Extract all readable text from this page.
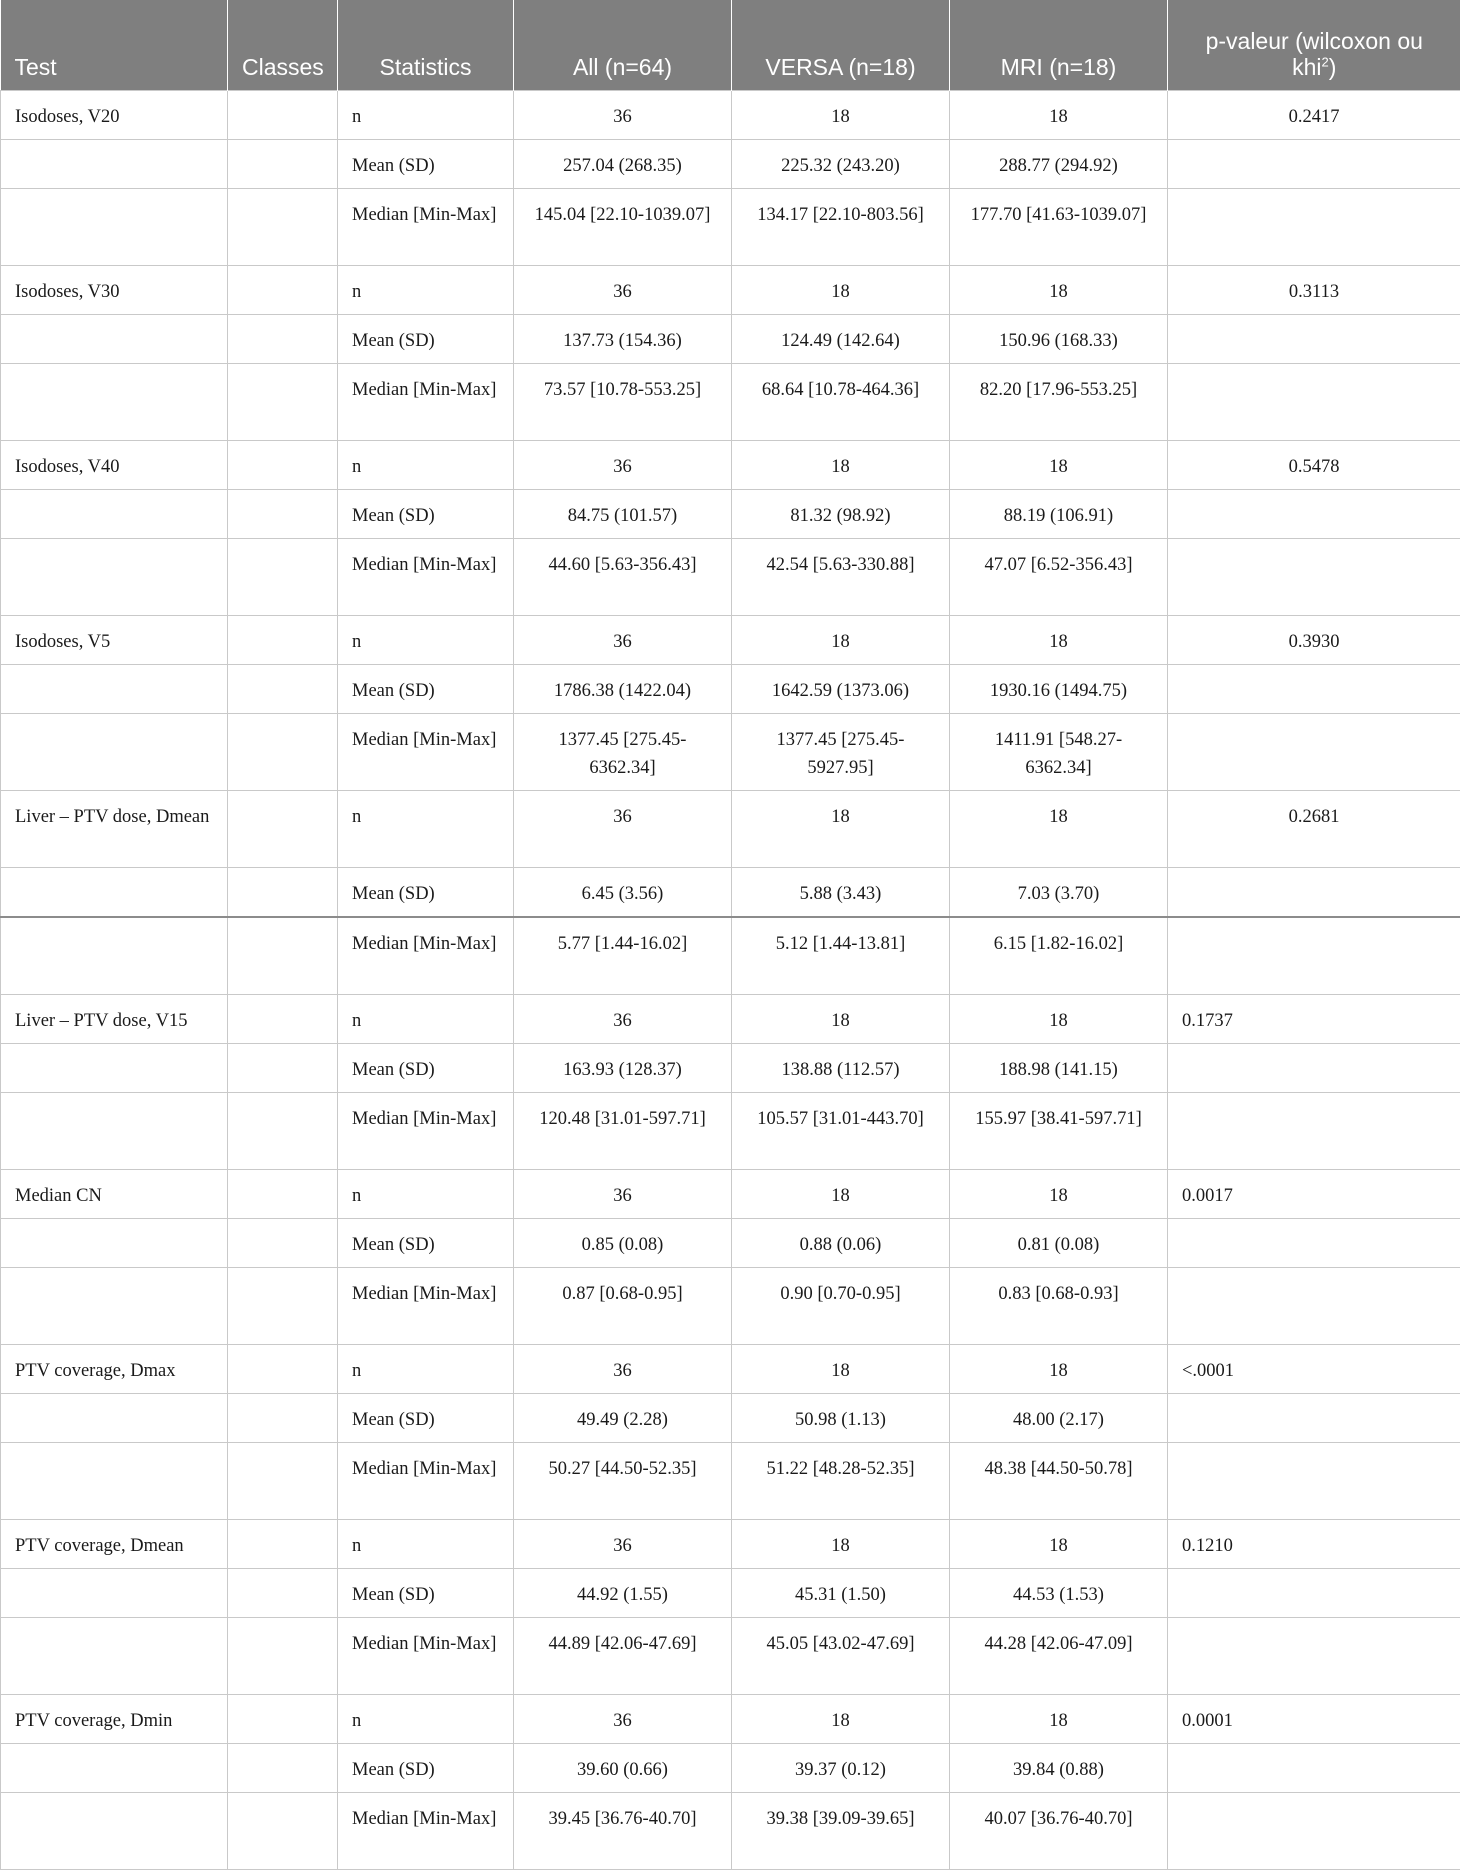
Test	Classes	Statistics	All (n=64)	VERSA (n=18)	MRI (n=18)	p-valeur (wilcoxon ou khi$^2$)
Isodoses, V20		n	36	18	18	0.2417
		Mean (SD)	257.04 (268.35)	225.32 (243.20)	288.77 (294.92)	
		Median [Min-Max]	145.04 [22.10-1039.07]	134.17 [22.10-803.56]	177.70 [41.63-1039.07]	
Isodoses, V30		n	36	18	18	0.3113
		Mean (SD)	137.73 (154.36)	124.49 (142.64)	150.96 (168.33)	
		Median [Min-Max]	73.57 [10.78-553.25]	68.64 [10.78-464.36]	82.20 [17.96-553.25]	
Isodoses, V40		n	36	18	18	0.5478
		Mean (SD)	84.75 (101.57)	81.32 (98.92)	88.19 (106.91)	
		Median [Min-Max]	44.60 [5.63-356.43]	42.54 [5.63-330.88]	47.07 [6.52-356.43]	
Isodoses, V5		n	36	18	18	0.3930
		Mean (SD)	1786.38 (1422.04)	1642.59 (1373.06)	1930.16 (1494.75)	
		Median [Min-Max]	1377.45 [275.45-6362.34]	1377.45 [275.45-5927.95]	1411.91 [548.27-6362.34]	
Liver – PTV dose, Dmean		n	36	18	18	0.2681
		Mean (SD)	6.45 (3.56)	5.88 (3.43)	7.03 (3.70)	
		Median [Min-Max]	5.77 [1.44-16.02]	5.12 [1.44-13.81]	6.15 [1.82-16.02]	
Liver – PTV dose, V15		n	36	18	18	0.1737
		Mean (SD)	163.93 (128.37)	138.88 (112.57)	188.98 (141.15)	
		Median [Min-Max]	120.48 [31.01-597.71]	105.57 [31.01-443.70]	155.97 [38.41-597.71]	
Median CN		n	36	18	18	0.0017
		Mean (SD)	0.85 (0.08)	0.88 (0.06)	0.81 (0.08)	
		Median [Min-Max]	0.87 [0.68-0.95]	0.90 [0.70-0.95]	0.83 [0.68-0.93]	
PTV coverage, Dmax		n	36	18	18	<.0001
		Mean (SD)	49.49 (2.28)	50.98 (1.13)	48.00 (2.17)	
		Median [Min-Max]	50.27 [44.50-52.35]	51.22 [48.28-52.35]	48.38 [44.50-50.78]	
PTV coverage, Dmean		n	36	18	18	0.1210
		Mean (SD)	44.92 (1.55)	45.31 (1.50)	44.53 (1.53)	
		Median [Min-Max]	44.89 [42.06-47.69]	45.05 [43.02-47.69]	44.28 [42.06-47.09]	
PTV coverage, Dmin		n	36	18	18	0.0001
		Mean (SD)	39.60 (0.66)	39.37 (0.12)	39.84 (0.88)	
		Median [Min-Max]	39.45 [36.76-40.70]	39.38 [39.09-39.65]	40.07 [36.76-40.70]	
